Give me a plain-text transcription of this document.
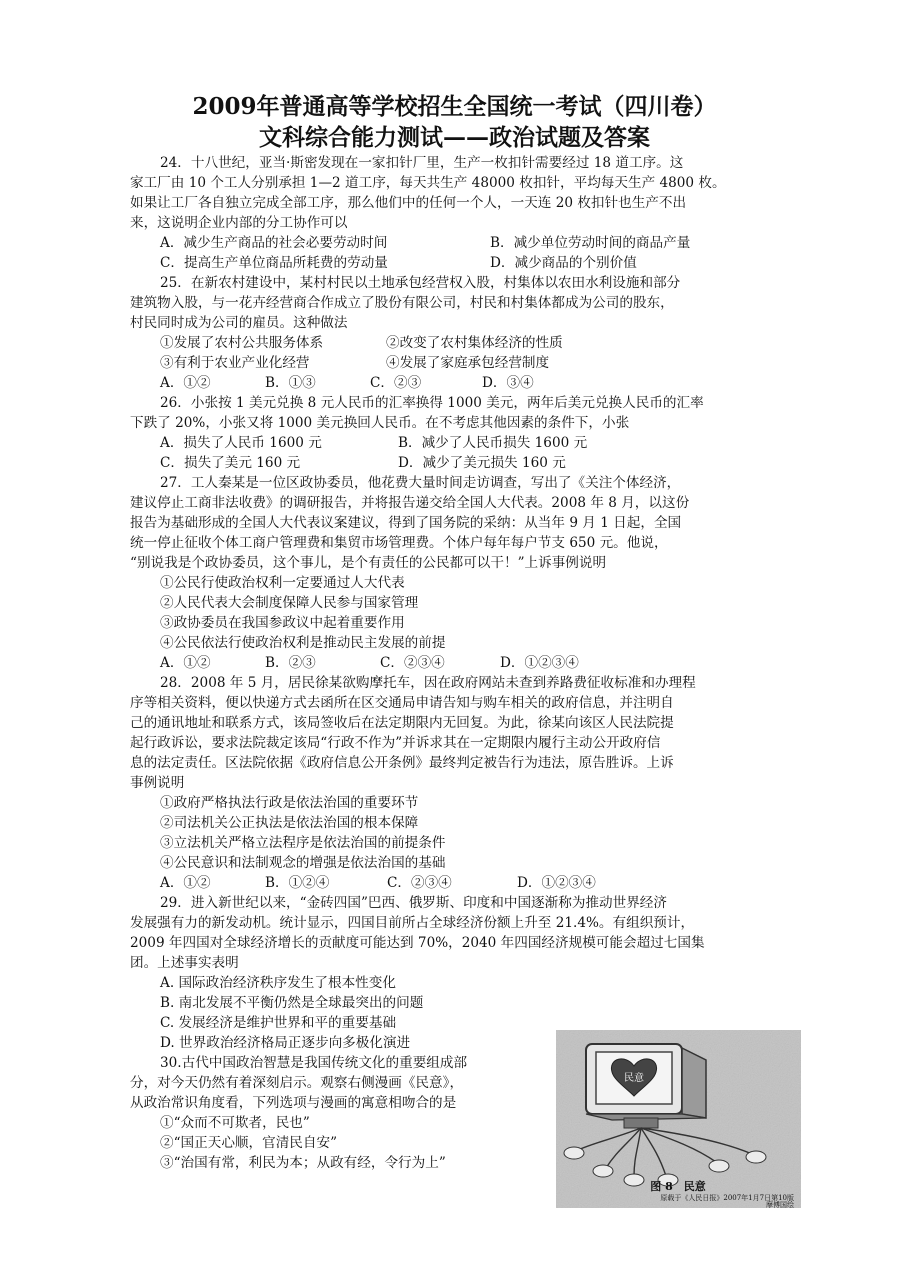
2009年普通高等学校招生全国统一考试（四川卷）
文科综合能力测试——政治试题及答案

24．十八世纪，亚当·斯密发现在一家扣针厂里，生产一枚扣针需要经过 18 道工序。这

家工厂由 10 个工人分别承担 1—2 道工序，每天共生产 48000 枚扣针，平均每天生产 4800 枚。

如果让工厂各自独立完成全部工序，那么他们中的任何一个人，一天连 20 枚扣针也生产不出

来，这说明企业内部的分工协作可以

A．减少生产商品的社会必要劳动时间	B．减少单位劳动时间的商品产量

C．提高生产单位商品所耗费的劳动量	D．减少商品的个别价值

25．在新农村建设中，某村村民以土地承包经营权入股，村集体以农田水利设施和部分

建筑物入股，与一花卉经营商合作成立了股份有限公司，村民和村集体都成为公司的股东，

村民同时成为公司的雇员。这种做法

①发展了农村公共服务体系	②改变了农村集体经济的性质

③有利于农业产业化经营	④发展了家庭承包经营制度

A．①②	B．①③	C．②③	D．③④

26．小张按 1 美元兑换 8 元人民币的汇率换得 1000 美元，两年后美元兑换人民币的汇率

下跌了 20%，小张又将 1000 美元换回人民币。在不考虑其他因素的条件下，小张

A．损失了人民币 1600 元	B．减少了人民币损失 1600 元

C．损失了美元 160 元	D．减少了美元损失 160 元

27．工人秦某是一位区政协委员，他花费大量时间走访调查，写出了《关注个体经济，

建议停止工商非法收费》的调研报告，并将报告递交给全国人大代表。2008 年 8 月，以这份

报告为基础形成的全国人大代表议案建议，得到了国务院的采纳：从当年 9 月 1 日起，全国

统一停止征收个体工商户管理费和集贸市场管理费。个体户每年每户节支 650 元。他说，

“别说我是个政协委员，这个事儿，是个有责任的公民都可以干！”上诉事例说明

①公民行使政治权利一定要通过人大代表

②人民代表大会制度保障人民参与国家管理

③政协委员在我国参政议中起着重要作用

④公民依法行使政治权利是推动民主发展的前提

A．①②	B．②③	C．②③④	D．①②③④

28．2008 年 5 月，居民徐某欲购摩托车，因在政府网站未查到养路费征收标准和办理程

序等相关资料，便以快递方式去函所在区交通局申请告知与购车相关的政府信息，并注明自

己的通讯地址和联系方式，该局签收后在法定期限内无回复。为此，徐某向该区人民法院提

起行政诉讼，要求法院裁定该局“行政不作为”并诉求其在一定期限内履行主动公开政府信

息的法定责任。区法院依据《政府信息公开条例》最终判定被告行为违法，原告胜诉。上诉

事例说明

①政府严格执法行政是依法治国的重要环节

②司法机关公正执法是依法治国的根本保障

③立法机关严格立法程序是依法治国的前提条件

④公民意识和法制观念的增强是依法治国的基础

A．①②	B．①②④	C．②③④	D．①②③④

29．进入新世纪以来，“金砖四国”巴西、俄罗斯、印度和中国逐渐称为推动世界经济

发展强有力的新发动机。统计显示，四国目前所占全球经济份额上升至 21.4%。有组织预计，

2009 年四国对全球经济增长的贡献度可能达到 70%，2040 年四国经济规模可能会超过七国集

团。上述事实表明

A. 国际政治经济秩序发生了根本性变化

B. 南北发展不平衡仍然是全球最突出的问题

C. 发展经济是维护世界和平的重要基础

D. 世界政治经济格局正逐步向多极化演进

30.古代中国政治智慧是我国传统文化的重要组成部

分，对今天仍然有着深刻启示。观察右侧漫画《民意》，

从政治常识角度看，下列选项与漫画的寓意相吻合的是

①“众而不可欺者，民也”

②“国正天心顺，官清民自安”

③“治国有常，利民为本；从政有经，令行为上”

民意
图 8　民意
原载于《人民日报》2007年1月7日第10版
摩傅国绘
